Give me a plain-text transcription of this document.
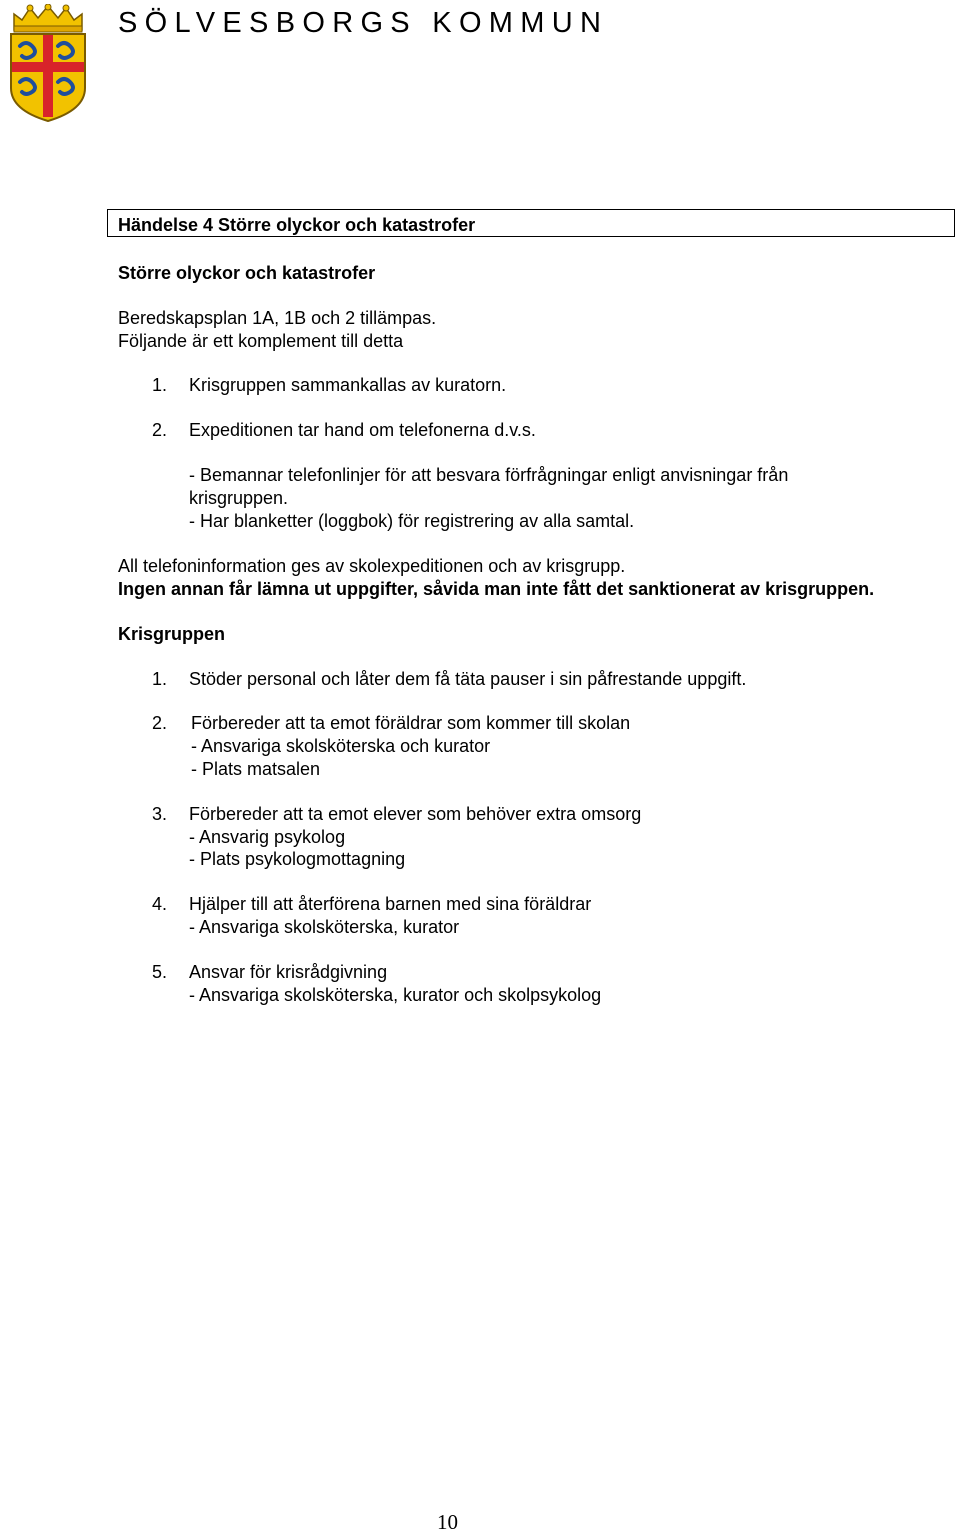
SÖLVESBORGS KOMMUN
Händelse 4 Större olyckor och katastrofer
Större olyckor och katastrofer
Beredskapsplan 1A, 1B och 2 tillämpas.
Följande är ett komplement till detta
1. Krisgruppen sammankallas av kuratorn.
2. Expeditionen tar hand om telefonerna d.v.s.
- Bemannar telefonlinjer för att besvara förfrågningar enligt anvisningar från
krisgruppen.
- Har blanketter (loggbok) för registrering av alla samtal.
All telefoninformation ges av skolexpeditionen och av krisgrupp.
Ingen annan får lämna ut uppgifter, såvida man inte fått det sanktionerat av krisgruppen.
Krisgruppen
1. Stöder personal och låter dem få täta pauser i sin påfrestande uppgift.
2. Förbereder att ta emot föräldrar som kommer till skolan
- Ansvariga skolsköterska och kurator
- Plats matsalen
3. Förbereder att ta emot elever som behöver extra omsorg
- Ansvarig psykolog
- Plats psykologmottagning
4. Hjälper till att återförena barnen med sina föräldrar
- Ansvariga skolsköterska, kurator
5. Ansvar för krisrådgivning
- Ansvariga skolsköterska, kurator och skolpsykolog
10
